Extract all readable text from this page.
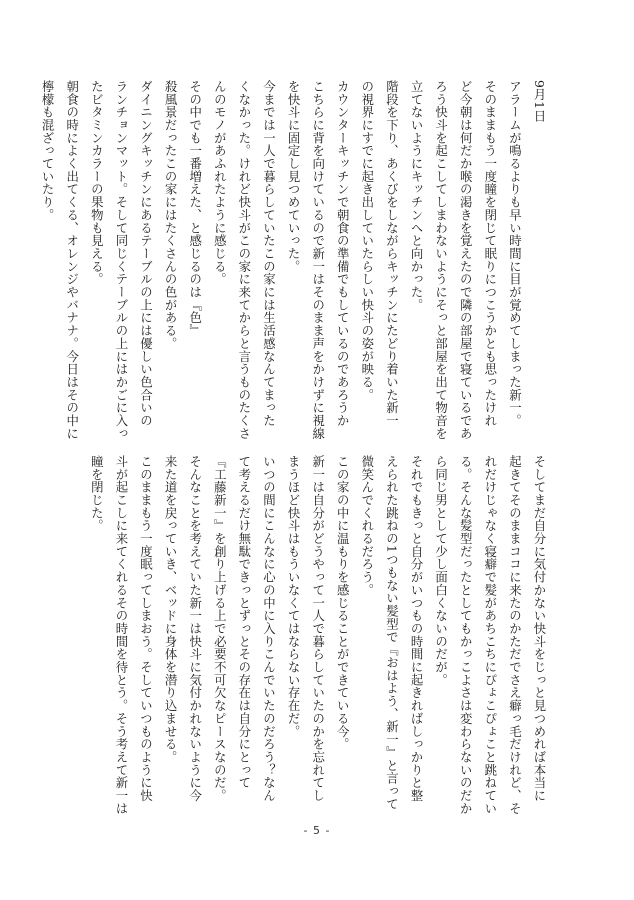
9月1日

アラームが鳴るよりも早い時間に目が覚めてしまった新一。

そのままもう一度瞳を閉じて眠りにつこうかとも思ったけれ

ど今朝は何だか喉の渇きを覚えたので隣の部屋で寝ているであ

ろう快斗を起こしてしまわないようにそっと部屋を出て物音を

立てないようにキッチンへと向かった。

階段を下り、あくびをしながらキッチンにたどり着いた新一

の視界にすでに起き出していたらしい快斗の姿が映る。

カウンターキッチンで朝食の準備でもしているのであろうか

こちらに背を向けているので新一はそのまま声をかけずに視線

を快斗に固定し見つめていった。

今までは一人で暮らしていたこの家には生活感なんてまった

くなかった。けれど快斗がこの家に来てからと言うものたくさ

んのモノがあふれたように感じる。

その中でも一番増えた、と感じるのは『色』

殺風景だったこの家にはたくさんの色がある。

ダイニングキッチンにあるテーブルの上には優しい色合いの

ランチョンマット。そして同じくテーブルの上にはかごに入っ

たビタミンカラーの果物も見える。

朝食の時によく出てくる、オレンジやバナナ。今日はその中に

檸檬も混ざっていたり。

そしてまだ自分に気付かない快斗をじっと見つめれば本当に

起きてそのままココに来たのかただでさえ癖っ毛だけれど、そ

れだけじゃなく寝癖で髪があちこちにぴょこぴょこと跳ねてい

る。そんな髪型だったとしてもかっこよさは変わらないのだか

ら同じ男として少し面白くないのだが。

それでもきっと自分がいつもの時間に起きればしっかりと整

えられた跳ねの1つもない髪型で『おはよう、新一』と言って

微笑んでくれるだろう。

この家の中に温もりを感じることができている今。

新一は自分がどうやって一人で暮らしていたのかを忘れてし

まうほど快斗はもういなくてはならない存在だ。

いつの間にこんなに心の中に入りこんでいたのだろう？なん

て考えるだけ無駄できっとずっとその存在は自分にとって

『工藤新一』を創り上げる上で必要不可欠なピースなのだ。

そんなことを考えていた新一は快斗に気付かれないように今

来た道を戻っていき、ベッドに身体を潜り込ませる。

このままもう一度眠ってしまおう。そしていつものように快

斗が起こしに来てくれるその時間を待とう。そう考えて新一は

瞳を閉じた。

- 5 -
